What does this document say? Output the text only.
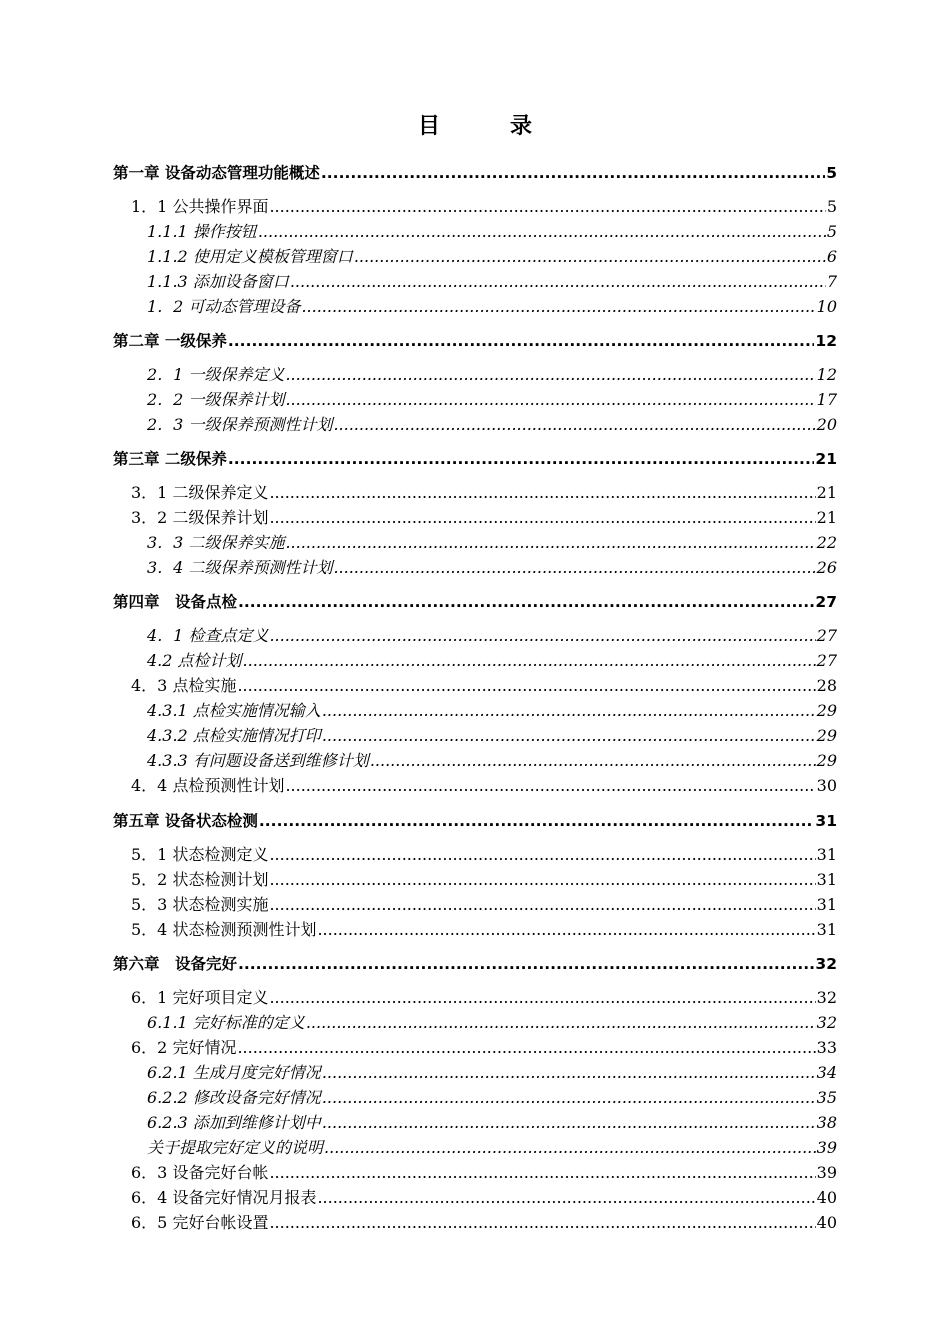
目　录
第一章 设备动态管理功能概述 .....	5
1．1 公共操作界面 .....	5
1.1.1 操作按钮 .....	5
1.1.2 使用定义模板管理窗口 .....	6
1.1.3 添加设备窗口 .....	7
1．2 可动态管理设备 .....	10
第二章 一级保养 .....	12
2．1 一级保养定义 .....	12
2．2 一级保养计划 .....	17
2．3 一级保养预测性计划 .....	20
第三章 二级保养 .....	21
3．1 二级保养定义 .....	21
3．2 二级保养计划 .....	21
3．3 二级保养实施 .....	22
3．4 二级保养预测性计划 .....	26
第四章　设备点检 .....	27
4．1 检查点定义 .....	27
4.2 点检计划 .....	27
4．3 点检实施 .....	28
4.3.1 点检实施情况输入 .....	29
4.3.2 点检实施情况打印 .....	29
4.3.3 有问题设备送到维修计划 .....	29
4．4 点检预测性计划 .....	30
第五章 设备状态检测 .....	31
5．1 状态检测定义 .....	31
5．2 状态检测计划 .....	31
5．3 状态检测实施 .....	31
5．4 状态检测预测性计划 .....	31
第六章　设备完好 .....	32
6．1 完好项目定义 .....	32
6.1.1 完好标准的定义 .....	32
6．2 完好情况 .....	33
6.2.1 生成月度完好情况 .....	34
6.2.2 修改设备完好情况 .....	35
6.2.3 添加到维修计划中 .....	38
关于提取完好定义的说明 .....	39
6．3 设备完好台帐 .....	39
6．4 设备完好情况月报表 .....	40
6．5 完好台帐设置 .....	40
